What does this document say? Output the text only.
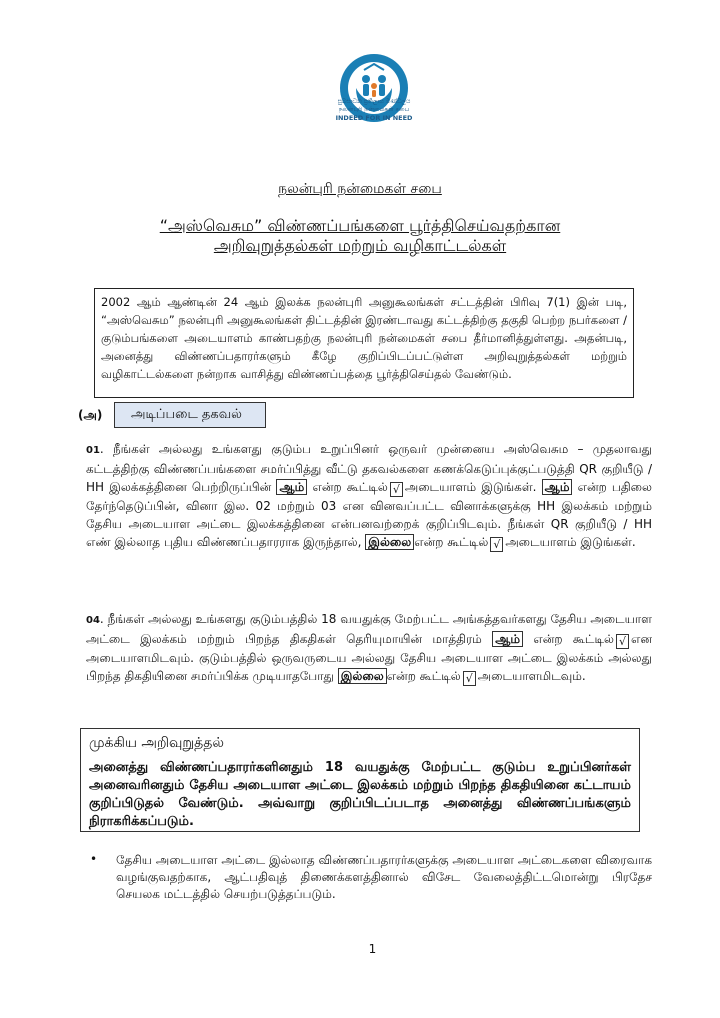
සුබසාධන ප්‍රතිලාභ මණ්ඩලය
நலன்புரி நன்மைகள் சபை
INDEED FOR IN NEED
நலன்புரி நன்மைகள் சபை
“அஸ்வெசும” விண்ணப்பங்களை பூர்த்திசெய்வதற்கான
அறிவுறுத்தல்கள் மற்றும் வழிகாட்டல்கள்
2002 ஆம் ஆண்டின் 24 ஆம் இலக்க நலன்புரி அனுகூலங்கள் சட்டத்தின் பிரிவு 7(1) இன் படி, “அஸ்வெசும” நலன்புரி அனுகூலங்கள் திட்டத்தின் இரண்டாவது கட்டத்திற்கு தகுதி பெற்ற நபர்களை / குடும்பங்களை அடையாளம் காண்பதற்கு நலன்புரி நன்மைகள் சபை தீர்மானித்துள்ளது. அதன்படி, அனைத்து விண்ணப்பதாரர்களும் கீழே குறிப்பிடப்பட்டுள்ள அறிவுறுத்தல்கள் மற்றும் வழிகாட்டல்களை நன்றாக வாசித்து விண்ணப்பத்தை பூர்த்திசெய்தல் வேண்டும்.
(அ)	அடிப்படை தகவல்
01. நீங்கள் அல்லது உங்களது குடும்ப உறுப்பினர் ஒருவர் முன்னைய அஸ்வெசும – முதலாவது கட்டத்திற்கு விண்ணப்பங்களை சமர்ப்பித்து வீட்டு தகவல்களை கணக்கெடுப்புக்குட்படுத்தி QR குறியீடு / HH இலக்கத்தினை பெற்றிருப்பின் ஆம் என்ற கூட்டில் √ அடையாளம் இடுங்கள். ஆம் என்ற பதிலை தேர்ந்தெடுப்பின், வினா இல. 02 மற்றும் 03 என வினவப்பட்ட வினாக்களுக்கு HH இலக்கம் மற்றும் தேசிய அடையாள அட்டை இலக்கத்தினை என்பனவற்றைக் குறிப்பிடவும். நீங்கள் QR குறியீடு / HH எண் இல்லாத புதிய விண்ணப்பதாரராக இருந்தால், இல்லை என்ற கூட்டில் √ அடையாளம் இடுங்கள்.
04. நீங்கள் அல்லது உங்களது குடும்பத்தில் 18 வயதுக்கு மேற்பட்ட அங்கத்தவர்களது தேசிய அடையாள அட்டை இலக்கம் மற்றும் பிறந்த திகதிகள் தெரியுமாயின் மாத்திரம் ஆம் என்ற கூட்டில் √ என அடையாளமிடவும். குடும்பத்தில் ஒருவருடைய அல்லது தேசிய அடையாள அட்டை இலக்கம் அல்லது பிறந்த திகதியினை சமர்ப்பிக்க முடியாதபோது இல்லை என்ற கூட்டில் √ அடையாளமிடவும்.
முக்கிய அறிவுறுத்தல்
அனைத்து விண்ணப்பதாரர்களினதும் 18 வயதுக்கு மேற்பட்ட குடும்ப உறுப்பினர்கள் அனைவரினதும் தேசிய அடையாள அட்டை இலக்கம் மற்றும் பிறந்த திகதியினை கட்டாயம் குறிப்பிடுதல் வேண்டும். அவ்வாறு குறிப்பிடப்படாத அனைத்து விண்ணப்பங்களும் நிராகரிக்கப்படும்.
• தேசிய அடையாள அட்டை இல்லாத விண்ணப்பதாரர்களுக்கு அடையாள அட்டைகளை விரைவாக வழங்குவதற்காக, ஆட்பதிவுத் திணைக்களத்தினால் விசேட வேலைத்திட்டமொன்று பிரதேச செயலக மட்டத்தில் செயற்படுத்தப்படும்.
1
